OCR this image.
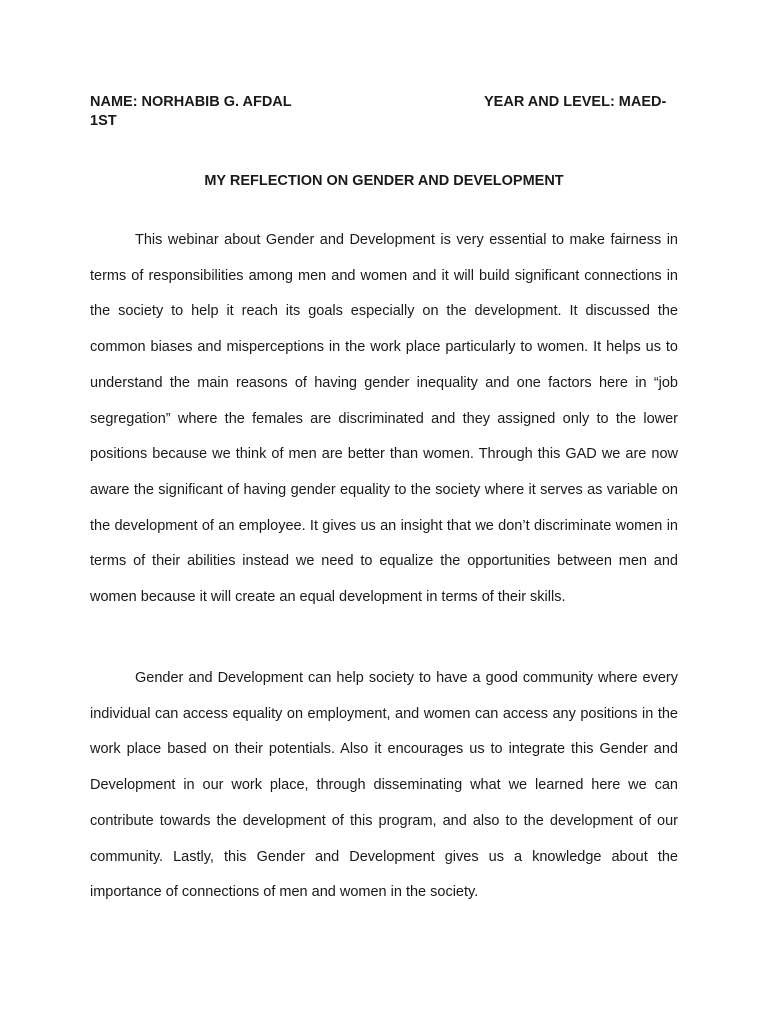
NAME: NORHABIB G. AFDAL	YEAR AND LEVEL: MAED-
1ST
MY REFLECTION ON GENDER AND DEVELOPMENT

This webinar about Gender and Development is very essential to make fairness in terms of responsibilities among men and women and it will build significant connections in the society to help it reach its goals especially on the development. It discussed the common biases and misperceptions in the work place particularly to women. It helps us to understand the main reasons of having gender inequality and one factors here in “job segregation” where the females are discriminated and they assigned only to the lower positions because we think of men are better than women. Through this GAD we are now aware the significant of having gender equality to the society where it serves as variable on the development of an employee. It gives us an insight that we don’t discriminate women in terms of their abilities instead we need to equalize the opportunities between men and women because it will create an equal development in terms of their skills.

Gender and Development can help society to have a good community where every individual can access equality on employment, and women can access any positions in the work place based on their potentials. Also it encourages us to integrate this Gender and Development in our work place, through disseminating what we learned here we can contribute towards the development of this program, and also to the development of our community. Lastly, this Gender and Development gives us a knowledge about the importance of connections of men and women in the society.
